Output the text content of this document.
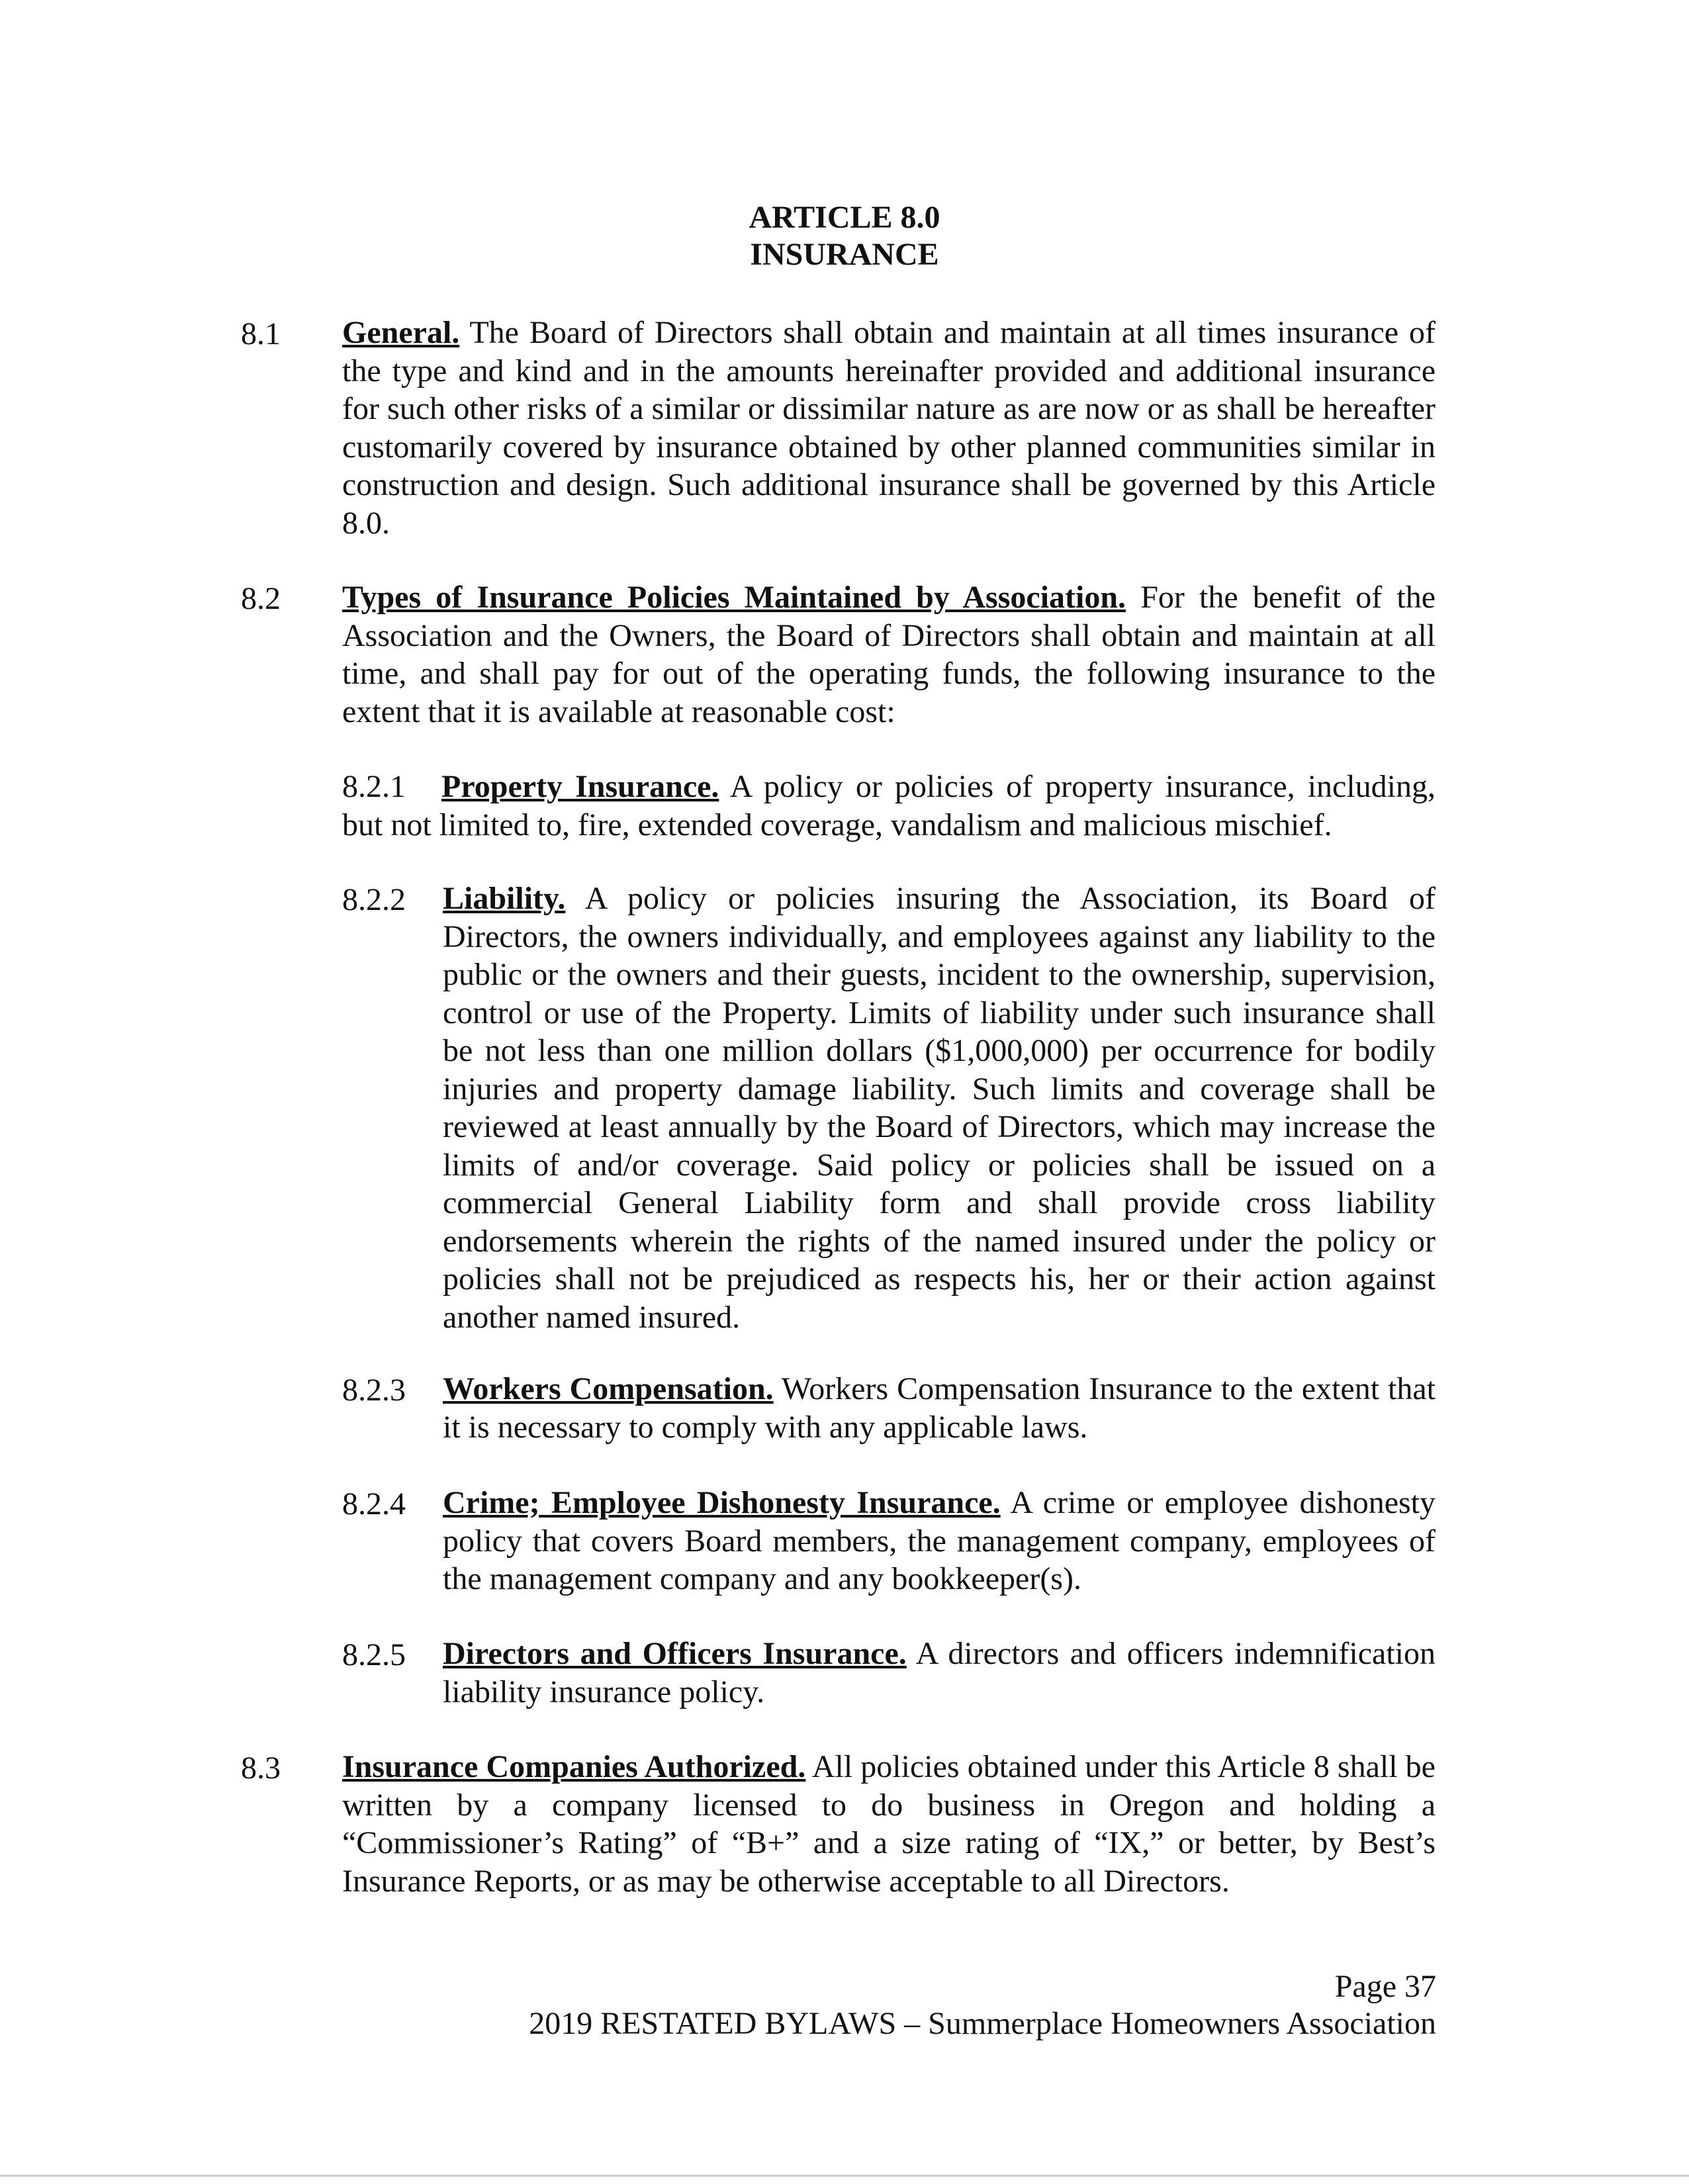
ARTICLE 8.0
INSURANCE
8.1 General. The Board of Directors shall obtain and maintain at all times insurance of the type and kind and in the amounts hereinafter provided and additional insurance for such other risks of a similar or dissimilar nature as are now or as shall be hereafter customarily covered by insurance obtained by other planned communities similar in construction and design. Such additional insurance shall be governed by this Article 8.0.
8.2 Types of Insurance Policies Maintained by Association. For the benefit of the Association and the Owners, the Board of Directors shall obtain and maintain at all time, and shall pay for out of the operating funds, the following insurance to the extent that it is available at reasonable cost:
8.2.1 Property Insurance. A policy or policies of property insurance, including, but not limited to, fire, extended coverage, vandalism and malicious mischief.
8.2.2 Liability. A policy or policies insuring the Association, its Board of Directors, the owners individually, and employees against any liability to the public or the owners and their guests, incident to the ownership, supervision, control or use of the Property. Limits of liability under such insurance shall be not less than one million dollars ($1,000,000) per occurrence for bodily injuries and property damage liability. Such limits and coverage shall be reviewed at least annually by the Board of Directors, which may increase the limits of and/or coverage. Said policy or policies shall be issued on a commercial General Liability form and shall provide cross liability endorsements wherein the rights of the named insured under the policy or policies shall not be prejudiced as respects his, her or their action against another named insured.
8.2.3 Workers Compensation. Workers Compensation Insurance to the extent that it is necessary to comply with any applicable laws.
8.2.4 Crime; Employee Dishonesty Insurance. A crime or employee dishonesty policy that covers Board members, the management company, employees of the management company and any bookkeeper(s).
8.2.5 Directors and Officers Insurance. A directors and officers indemnification liability insurance policy.
8.3 Insurance Companies Authorized. All policies obtained under this Article 8 shall be written by a company licensed to do business in Oregon and holding a “Commissioner’s Rating” of “B+” and a size rating of “IX,” or better, by Best’s Insurance Reports, or as may be otherwise acceptable to all Directors.
Page 37
2019 RESTATED BYLAWS – Summerplace Homeowners Association
